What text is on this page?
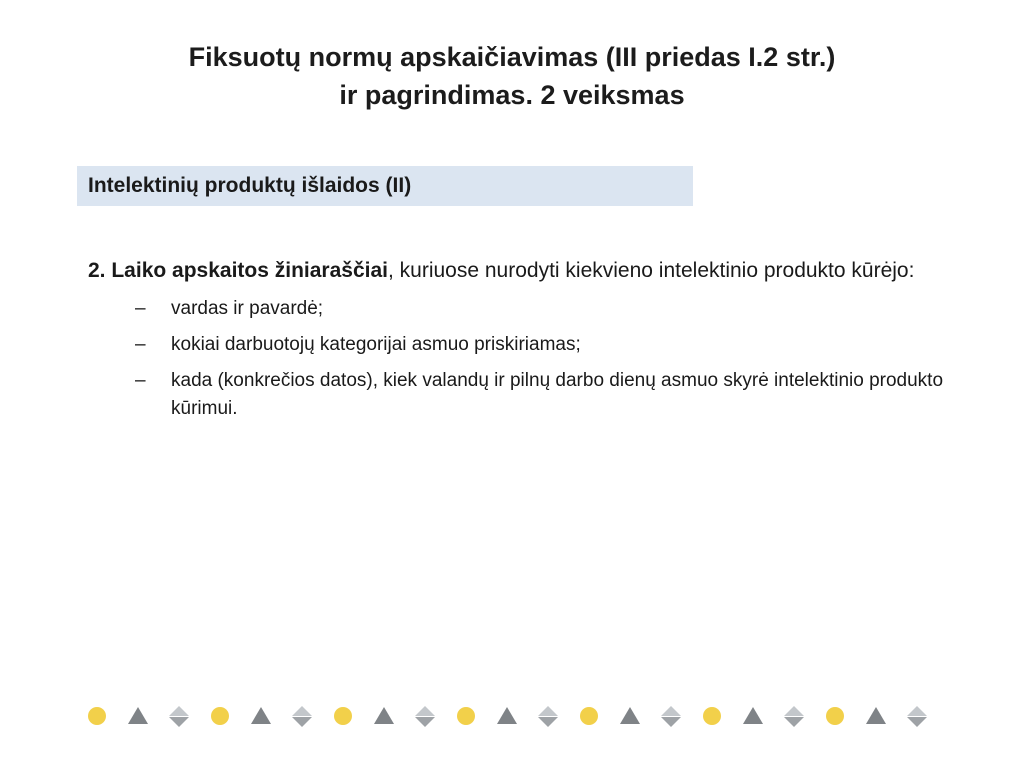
Fiksuotų normų apskaičiavimas (III priedas I.2 str.)
ir pagrindimas. 2 veiksmas
Intelektinių produktų išlaidos (II)

2. Laiko apskaitos žiniaraščiai, kuriuose nurodyti kiekvieno intelektinio produkto kūrėjo:

– vardas ir pavardė;
– kokiai darbuotojų kategorijai asmuo priskiriamas;
– kada (konkrečios datos), kiek valandų ir pilnų darbo dienų asmuo skyrė intelektinio produkto kūrimui.
